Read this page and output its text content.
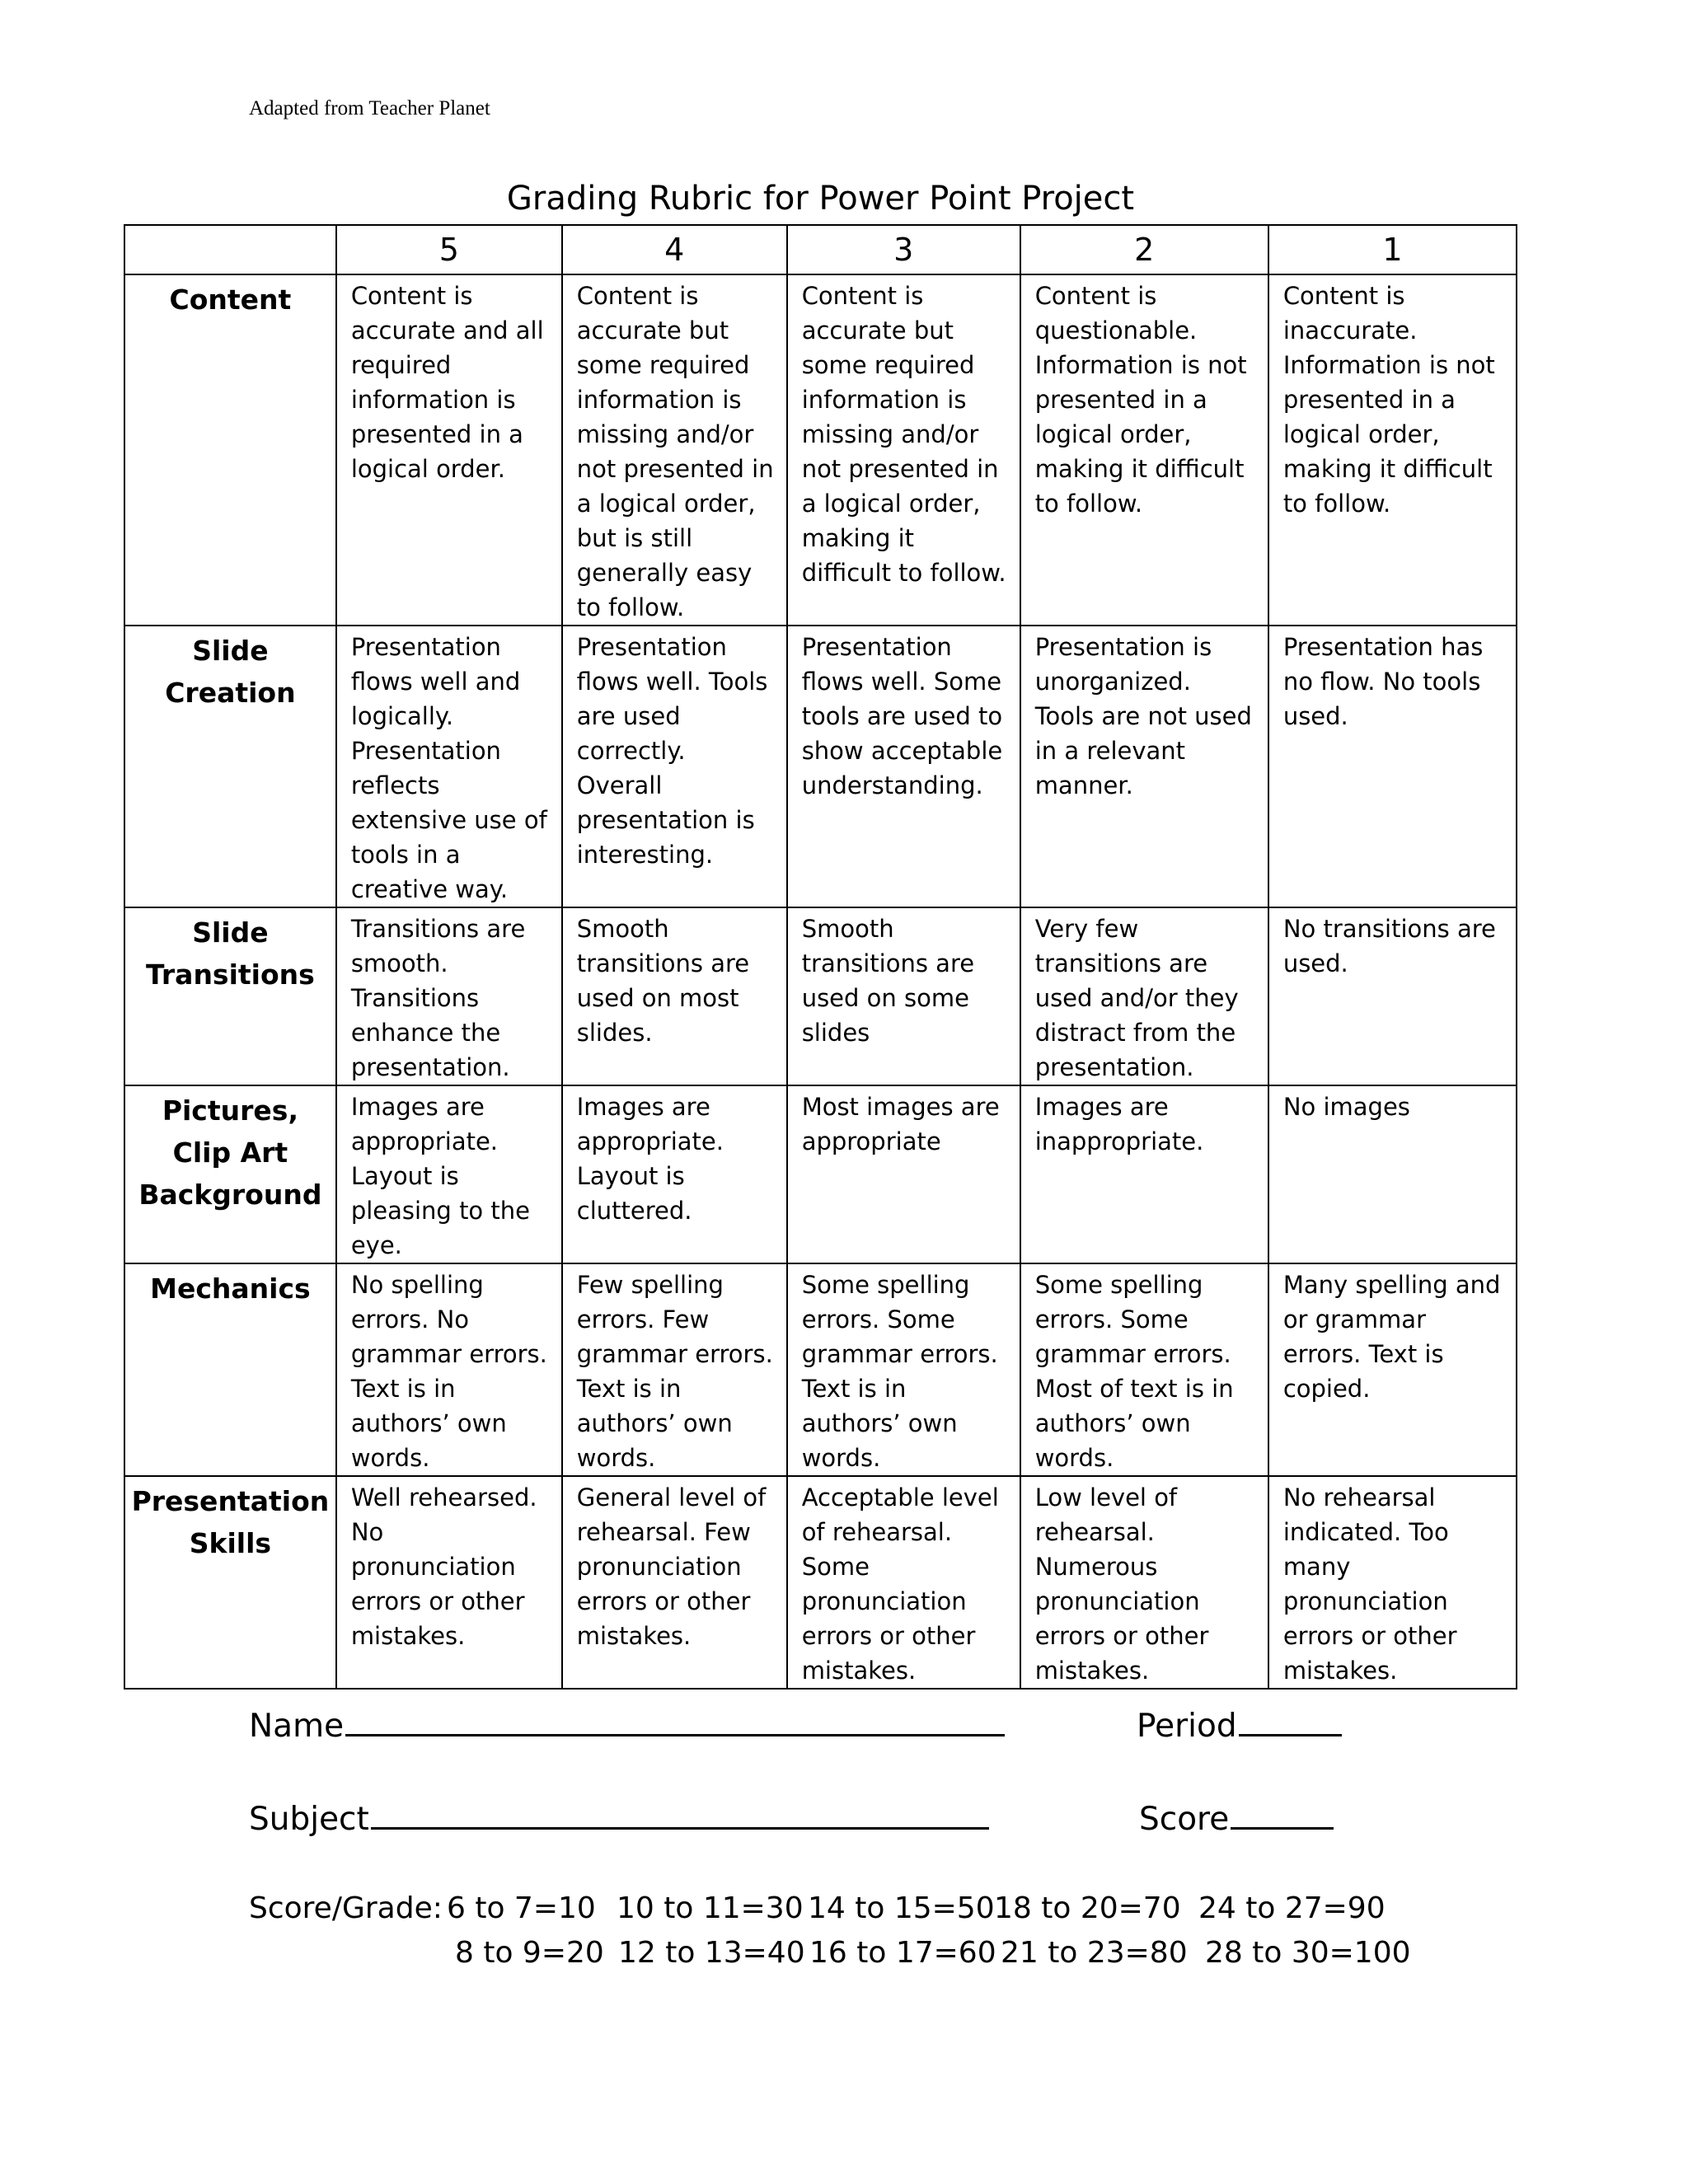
Adapted from Teacher Planet
Grading Rubric for Power Point Project
	5	4	3	2	1
Content	Content is accurate and all required information is presented in a logical order.	Content is accurate but some required information is missing and/or not presented in a logical order, but is still generally easy to follow.	Content is accurate but some required information is missing and/or not presented in a logical order, making it difficult to follow.	Content is questionable. Information is not presented in a logical order, making it difficult to follow.	Content is inaccurate. Information is not presented in a logical order, making it difficult to follow.
Slide Creation	Presentation flows well and logically. Presentation reflects extensive use of tools in a creative way.	Presentation flows well. Tools are used correctly. Overall presentation is interesting.	Presentation flows well. Some tools are used to show acceptable understanding.	Presentation is unorganized. Tools are not used in a relevant manner.	Presentation has no flow. No tools used.
Slide Transitions	Transitions are smooth. Transitions enhance the presentation.	Smooth transitions are used on most slides.	Smooth transitions are used on some slides	Very few transitions are used and/or they distract from the presentation.	No transitions are used.
Pictures, Clip Art Background	Images are appropriate. Layout is pleasing to the eye.	Images are appropriate. Layout is cluttered.	Most images are appropriate	Images are inappropriate.	No images
Mechanics	No spelling errors. No grammar errors. Text is in authors’ own words.	Few spelling errors. Few grammar errors. Text is in authors’ own words.	Some spelling errors. Some grammar errors. Text is in authors’ own words.	Some spelling errors. Some grammar errors. Most of text is in authors’ own words.	Many spelling and or grammar errors. Text is copied.
Presentation Skills	Well rehearsed. No pronunciation errors or other mistakes.	General level of rehearsal. Few pronunciation errors or other mistakes.	Acceptable level of rehearsal. Some pronunciation errors or other mistakes.	Low level of rehearsal. Numerous pronunciation errors or other mistakes.	No rehearsal indicated. Too many pronunciation errors or other mistakes.
Name	Period
Subject	Score
Score/Grade: 6 to 7=10 10 to 11=30 14 to 15=50 18 to 20=70 24 to 27=90
8 to 9=20 12 to 13=40 16 to 17=60 21 to 23=80 28 to 30=100
